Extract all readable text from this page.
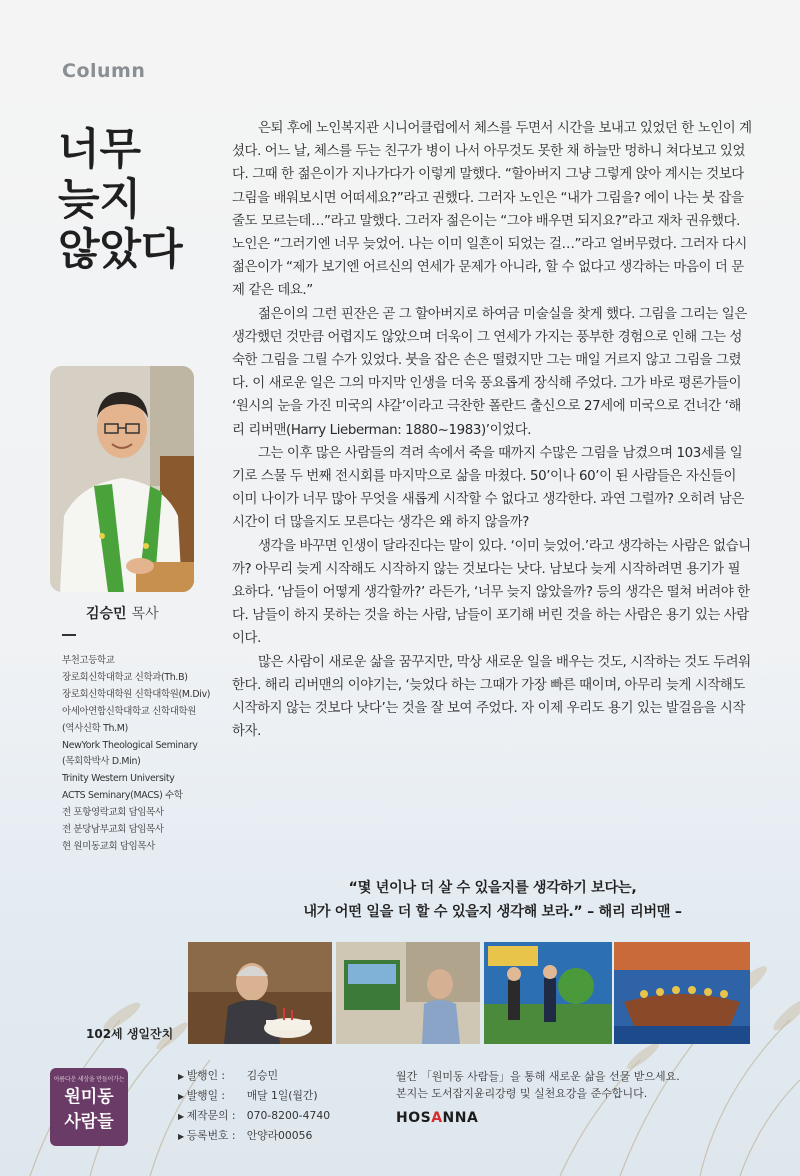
Column
너무
늦지
않았다
김승민 목사
부천고등학교
장로회신학대학교 신학과(Th.B)
장로회신학대학원 신학대학원(M.Div)
아세아연합신학대학교 신학대학원
(역사신학 Th.M)
NewYork Theological Seminary
(목회학박사 D.Min)
Trinity Western University
ACTS Seminary(MACS) 수학
전 포항영락교회 담임목사
전 분당남부교회 담임목사
현 원미동교회 담임목사

은퇴 후에 노인복지관 시니어클럽에서 체스를 두면서 시간을 보내고 있었던 한 노인이 계셨다. 어느 날, 체스를 두는 친구가 병이 나서 아무것도 못한 채 하늘만 멍하니 쳐다보고 있었다. 그때 한 젊은이가 지나가다가 이렇게 말했다. “할아버지 그냥 그렇게 앉아 계시는 것보다 그림을 배워보시면 어떠세요?”라고 권했다. 그러자 노인은 “내가 그림을? 에이 나는 붓 잡을 줄도 모르는데…”라고 말했다. 그러자 젊은이는 “그야 배우면 되지요?”라고 재차 권유했다. 노인은 “그러기엔 너무 늦었어. 나는 이미 일흔이 되었는 걸…”라고 얼버무렸다. 그러자 다시 젊은이가 “제가 보기엔 어르신의 연세가 문제가 아니라, 할 수 없다고 생각하는 마음이 더 문제 같은 데요.”

젊은이의 그런 핀잔은 곧 그 할아버지로 하여금 미술실을 찾게 했다. 그림을 그리는 일은 생각했던 것만큼 어렵지도 않았으며 더욱이 그 연세가 가지는 풍부한 경험으로 인해 그는 성숙한 그림을 그릴 수가 있었다. 붓을 잡은 손은 떨렸지만 그는 매일 거르지 않고 그림을 그렸다. 이 새로운 일은 그의 마지막 인생을 더욱 풍요롭게 장식해 주었다. 그가 바로 평론가들이 ‘원시의 눈을 가진 미국의 샤갈’이라고 극찬한 폴란드 출신으로 27세에 미국으로 건너간 ‘해리 리버맨(Harry Lieberman: 1880~1983)’이었다.

그는 이후 많은 사람들의 격려 속에서 죽을 때까지 수많은 그림을 남겼으며 103세를 일기로 스물 두 번째 전시회를 마지막으로 삶을 마쳤다. 50’이나 60’이 된 사람들은 자신들이 이미 나이가 너무 많아 무엇을 새롭게 시작할 수 없다고 생각한다. 과연 그럴까? 오히려 남은 시간이 더 많을지도 모른다는 생각은 왜 하지 않을까?

생각을 바꾸면 인생이 달라진다는 말이 있다. ‘이미 늦었어.’라고 생각하는 사람은 없습니까? 아무리 늦게 시작해도 시작하지 않는 것보다는 낫다. 남보다 늦게 시작하려면 용기가 필요하다. ‘남들이 어떻게 생각할까?’ 라든가, ‘너무 늦지 않았을까? 등의 생각은 떨쳐 버려야 한다. 남들이 하지 못하는 것을 하는 사람, 남들이 포기해 버린 것을 하는 사람은 용기 있는 사람이다.

많은 사람이 새로운 삶을 꿈꾸지만, 막상 새로운 일을 배우는 것도, 시작하는 것도 두려워한다. 해리 리버맨의 이야기는, ‘늦었다 하는 그때가 가장 빠른 때이며, 아무리 늦게 시작해도 시작하지 않는 것보다 낫다’는 것을 잘 보여 주었다. 자 이제 우리도 용기 있는 발걸음을 시작하자.

“몇 년이나 더 살 수 있을지를 생각하기 보다는,
내가 어떤 일을 더 할 수 있을지 생각해 보라.” – 해리 리버맨 –
102세 생일잔치
아름다운 세상을 만들어가는
원미동
사람들
▶ 발행인 : 김승민
▶ 발행일 : 매달 1일(월간)
▶ 제작문의 : 070-8200-4740
▶ 등록번호 : 안양라00056
월간 「원미동 사람들」을 통해 새로운 삶을 선물 받으세요.
본지는 도서잡지윤리강령 및 실천요강을 준수합니다.
HOSANNA
